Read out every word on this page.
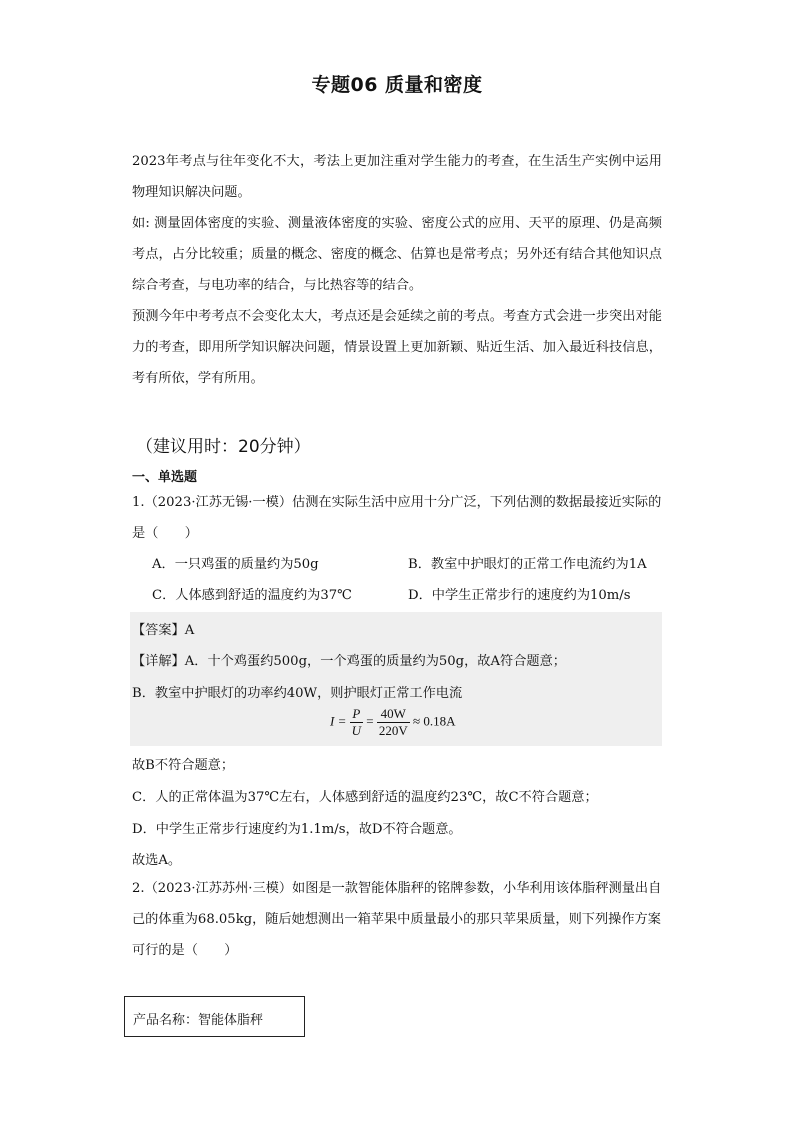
专题06 质量和密度
2023年考点与往年变化不大，考法上更加注重对学生能力的考查，在生活生产实例中运用物理知识解决问题。
如: 测量固体密度的实验、测量液体密度的实验、密度公式的应用、天平的原理、仍是高频考点，占分比较重；质量的概念、密度的概念、估算也是常考点；另外还有结合其他知识点综合考查，与电功率的结合，与比热容等的结合。
预测今年中考考点不会变化太大，考点还是会延续之前的考点。考查方式会进一步突出对能力的考查，即用所学知识解决问题，情景设置上更加新颖、贴近生活、加入最近科技信息，考有所依，学有所用。
（建议用时：20分钟）
一、单选题
1.（2023·江苏无锡·一模）估测在实际生活中应用十分广泛，下列估测的数据最接近实际的是（　　）
A．一只鸡蛋的质量约为50g	B．教室中护眼灯的正常工作电流约为1A
C．人体感到舒适的温度约为37℃	D．中学生正常步行的速度约为10m/s
【答案】A
【详解】A．十个鸡蛋约500g，一个鸡蛋的质量约为50g，故A符合题意；
B．教室中护眼灯的功率约40W，则护眼灯正常工作电流
$I = \frac{P}{U} = \frac{40W}{220V} \approx 0.18A$
故B不符合题意；
C．人的正常体温为37℃左右，人体感到舒适的温度约23℃，故C不符合题意；
D．中学生正常步行速度约为1.1m/s，故D不符合题意。
故选A。
2.（2023·江苏苏州·三模）如图是一款智能体脂秤的铭牌参数，小华利用该体脂秤测量出自己的体重为68.05kg，随后她想测出一箱苹果中质量最小的那只苹果质量，则下列操作方案可行的是（　　）
产品名称：智能体脂秤
